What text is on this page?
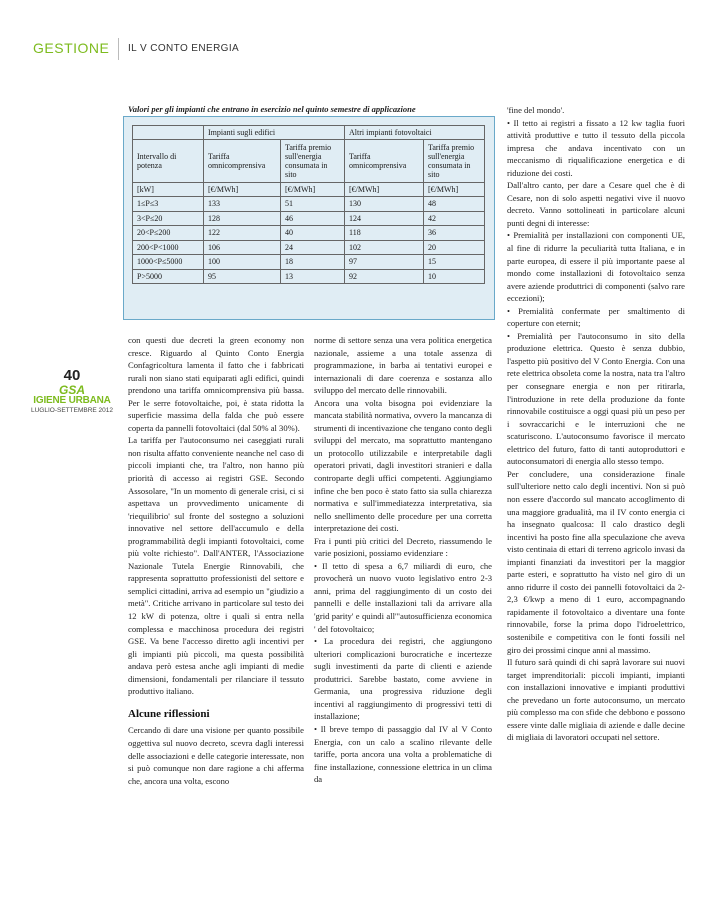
GESTIONE IL V CONTO ENERGIA
40
GSA
IGIENE URBANA
LUGLIO-SETTEMBRE 2012
Valori per gli impianti che entrano in esercizio nel quinto semestre di applicazione
	Impianti sugli edifici		Altri impianti fotovoltaici	
Intervallo di potenza	Tariffa omnicomprensiva	Tariffa premio sull'energia consumata in sito	Tariffa omnicomprensiva	Tariffa premio sull'energia consumata in sito
[kW]	[€/MWh]	[€/MWh]	[€/MWh]	[€/MWh]
1≤P≤3	133	51	130	48
3<P≤20	128	46	124	42
20<P≤200	122	40	118	36
200<P<1000	106	24	102	20
1000<P≤5000	100	18	97	15
P>5000	95	13	92	10

con questi due decreti la green economy non cresce. Riguardo al Quinto Conto Energia Confagricoltura lamenta il fatto che i fabbricati rurali non siano stati equiparati agli edifici, quindi prendono una tariffa omnicomprensiva più bassa. Per le serre fotovoltaiche, poi, è stata ridotta la superficie massima della falda che può essere coperta da pannelli fotovoltaici (dal 50% al 30%).

La tariffa per l'autoconsumo nei caseggiati rurali non risulta affatto conveniente neanche nel caso di piccoli impianti che, tra l'altro, non hanno più priorità di accesso ai registri GSE. Secondo Assosolare, "In un momento di generale crisi, ci si aspettava un provvedimento unicamente di 'riequilibrio' sul fronte del sostegno a soluzioni innovative nel settore dell'accumulo e della programmabilità degli impianti fotovoltaici, come più volte richiesto". Dall'ANTER, l'Associazione Nazionale Tutela Energie Rinnovabili, che rappresenta soprattutto professionisti del settore e semplici cittadini, arriva ad esempio un "giudizio a metà". Critiche arrivano in particolare sul testo dei 12 kW di potenza, oltre i quali si entra nella complessa e macchinosa procedura dei registri GSE. Va bene l'accesso diretto agli incentivi per gli impianti più piccoli, ma questa possibilità andava però estesa anche agli impianti di medie dimensioni, fondamentali per rilanciare il tessuto produttivo italiano.

Alcune riflessioni

Cercando di dare una visione per quanto possibile oggettiva sul nuovo decreto, scevra dagli interessi delle associazioni e delle categorie interessate, non si può comunque non dare ragione a chi afferma che, ancora una volta, escono

norme di settore senza una vera politica energetica nazionale, assieme a una totale assenza di programmazione, in barba ai tentativi europei e internazionali di dare coerenza e sostanza allo sviluppo del mercato delle rinnovabili.

Ancora una volta bisogna poi evidenziare la mancata stabilità normativa, ovvero la mancanza di strumenti di incentivazione che tengano conto degli sviluppi del mercato, ma soprattutto mantengano un protocollo utilizzabile e interpretabile dagli operatori privati, dagli investitori stranieri e dalla controparte degli uffici competenti. Aggiungiamo infine che ben poco è stato fatto sia sulla chiarezza normativa e sull'immediatezza interpretativa, sia nello snellimento delle procedure per una corretta interpretazione dei costi.

Fra i punti più critici del Decreto, riassumendo le varie posizioni, possiamo evidenziare :

• Il tetto di spesa a 6,7 miliardi di euro, che provocherà un nuovo vuoto legislativo entro 2-3 anni, prima del raggiungimento di un costo dei pannelli e delle installazioni tali da arrivare alla 'grid parity' e quindi all'"autosufficienza economica ' del fotovoltaico;

• La procedura dei registri, che aggiungono ulteriori complicazioni burocratiche e incertezze sugli investimenti da parte di clienti e aziende produttrici. Sarebbe bastato, come avviene in Germania, una progressiva riduzione degli incentivi al raggiungimento di progressivi tetti di installazione;

• Il breve tempo di passaggio dal IV al V Conto Energia, con un calo a scalino rilevante delle tariffe, porta ancora una volta a problematiche di fine installazione, connessione elettrica in un clima da

'fine del mondo'.

• Il tetto ai registri a fissato a 12 kw taglia fuori attività produttive e tutto il tessuto della piccola impresa che andava incentivato con un meccanismo di riqualificazione energetica e di riduzione dei costi.

Dall'altro canto, per dare a Cesare quel che è di Cesare, non di solo aspetti negativi vive il nuovo decreto. Vanno sottolineati in particolare alcuni punti degni di interesse:

• Premialità per installazioni con componenti UE, al fine di ridurre la peculiarità tutta Italiana, e in parte europea, di essere il più importante paese al mondo come installazioni di fotovoltaico senza avere aziende produttrici di componenti (salvo rare eccezioni);

• Premialità confermate per smaltimento di coperture con eternit;

• Premialità per l'autoconsumo in sito della produzione elettrica. Questo è senza dubbio, l'aspetto più positivo del V Conto Energia. Con una rete elettrica obsoleta come la nostra, nata tra l'altro per consegnare energia e non per ritirarla, l'introduzione in rete della produzione da fonte rinnovabile costituisce a oggi quasi più un peso per i sovraccarichi e le interruzioni che ne scaturiscono. L'autoconsumo favorisce il mercato elettrico del futuro, fatto di tanti autoproduttori e autoconsumatori di energia allo stesso tempo.

Per concludere, una considerazione finale sull'ulteriore netto calo degli incentivi. Non si può non essere d'accordo sul mancato accoglimento di una maggiore gradualità, ma il IV conto energia ci ha insegnato qualcosa: Il calo drastico degli incentivi ha posto fine alla speculazione che aveva visto centinaia di ettari di terreno agricolo invasi da impianti finanziati da investitori per la maggior parte esteri, e soprattutto ha visto nel giro di un anno ridurre il costo dei pannelli fotovoltaici da 2-2,3 €/kwp a meno di 1 euro, accompagnando rapidamente il fotovoltaico a diventare una fonte rinnovabile, forse la prima dopo l'idroelettrico, sostenibile e competitiva con le fonti fossili nel giro dei prossimi cinque anni al massimo.

Il futuro sarà quindi di chi saprà lavorare sui nuovi target imprenditoriali: piccoli impianti, impianti con installazioni innovative e impianti produttivi che prevedano un forte autoconsumo, un mercato più complesso ma con sfide che debbono e possono essere vinte dalle migliaia di aziende e dalle decine di migliaia di lavoratori occupati nel settore.
